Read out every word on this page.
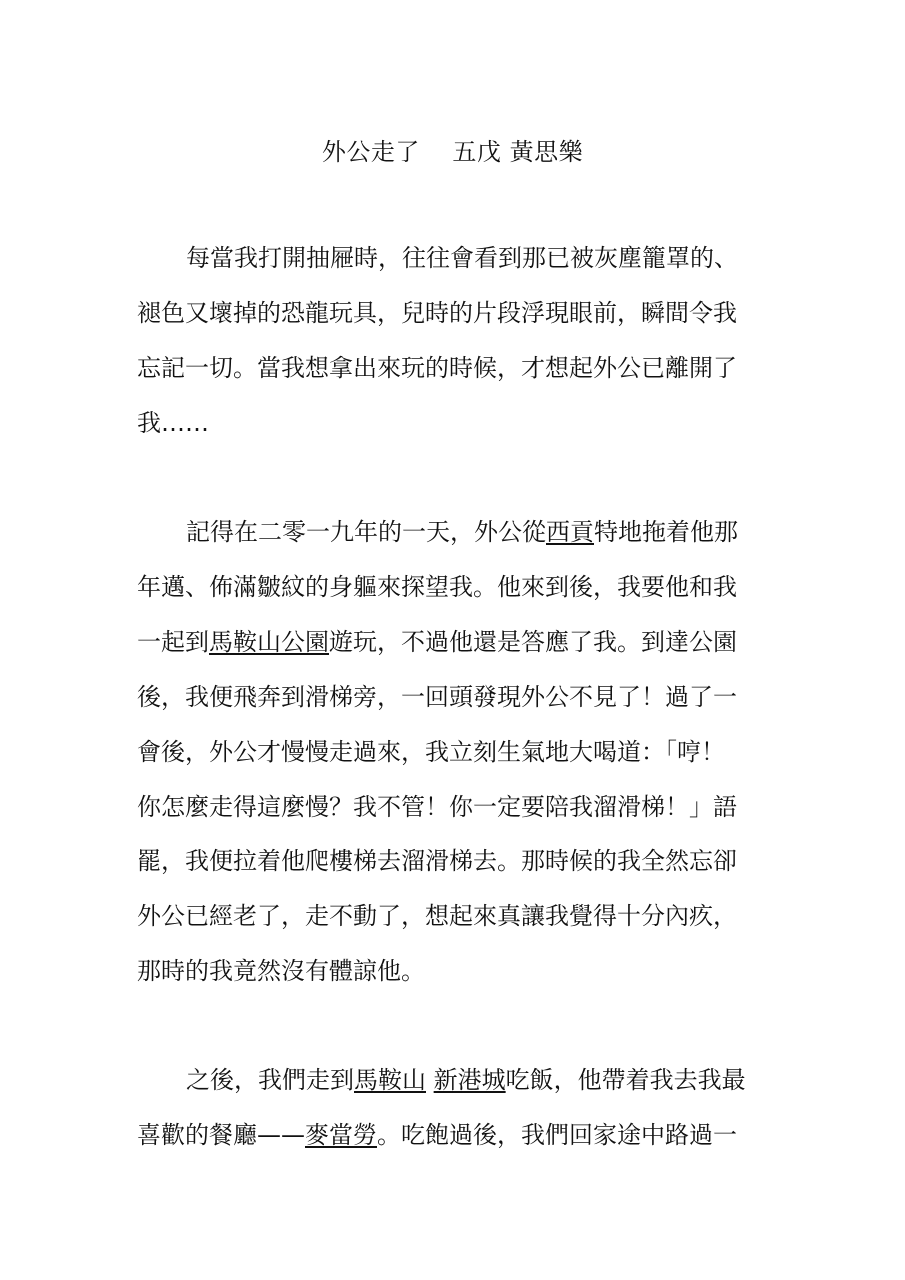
外公走了    五戊 黃思樂
每當我打開抽屜時，往往會看到那已被灰塵籠罩的、
褪色又壞掉的恐龍玩具，兒時的片段浮現眼前，瞬間令我
忘記一切。當我想拿出來玩的時候，才想起外公已離開了
我……
記得在二零一九年的一天，外公從西貢特地拖着他那
年邁、佈滿皺紋的身軀來探望我。他來到後，我要他和我
一起到馬鞍山公園遊玩，不過他還是答應了我。到達公園
後，我便飛奔到滑梯旁，一回頭發現外公不見了！過了一
會後，外公才慢慢走過來，我立刻生氣地大喝道：「哼！
你怎麼走得這麼慢？我不管！你一定要陪我溜滑梯！」語
罷，我便拉着他爬樓梯去溜滑梯去。那時候的我全然忘卻
外公已經老了，走不動了，想起來真讓我覺得十分內疚，
那時的我竟然沒有體諒他。
之後，我們走到馬鞍山 新港城吃飯，他帶着我去我最
喜歡的餐廳——麥當勞。吃飽過後，我們回家途中路過一
